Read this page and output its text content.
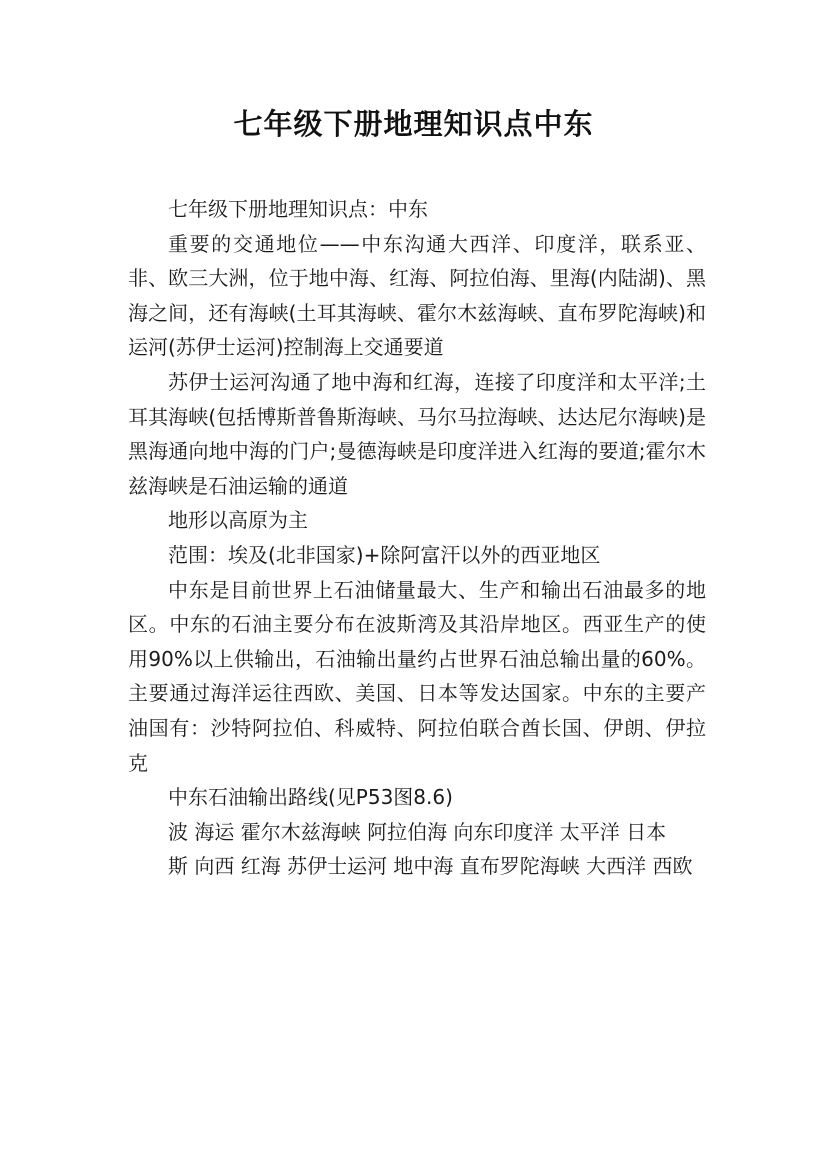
七年级下册地理知识点中东

七年级下册地理知识点：中东

重要的交通地位——中东沟通大西洋、印度洋，联系亚、非、欧三大洲，位于地中海、红海、阿拉伯海、里海(内陆湖)、黑海之间，还有海峡(土耳其海峡、霍尔木兹海峡、直布罗陀海峡)和运河(苏伊士运河)控制海上交通要道

苏伊士运河沟通了地中海和红海，连接了印度洋和太平洋;土耳其海峡(包括博斯普鲁斯海峡、马尔马拉海峡、达达尼尔海峡)是黑海通向地中海的门户;曼德海峡是印度洋进入红海的要道;霍尔木兹海峡是石油运输的通道

地形以高原为主

范围：埃及(北非国家)+除阿富汗以外的西亚地区

中东是目前世界上石油储量最大、生产和输出石油最多的地区。中东的石油主要分布在波斯湾及其沿岸地区。西亚生产的使用90%以上供输出，石油输出量约占世界石油总输出量的60%。主要通过海洋运往西欧、美国、日本等发达国家。中东的主要产油国有：沙特阿拉伯、科威特、阿拉伯联合酋长国、伊朗、伊拉克

中东石油输出路线(见P53图8.6)

波 海运 霍尔木兹海峡 阿拉伯海 向东印度洋 太平洋 日本

斯 向西 红海 苏伊士运河 地中海 直布罗陀海峡 大西洋 西欧
